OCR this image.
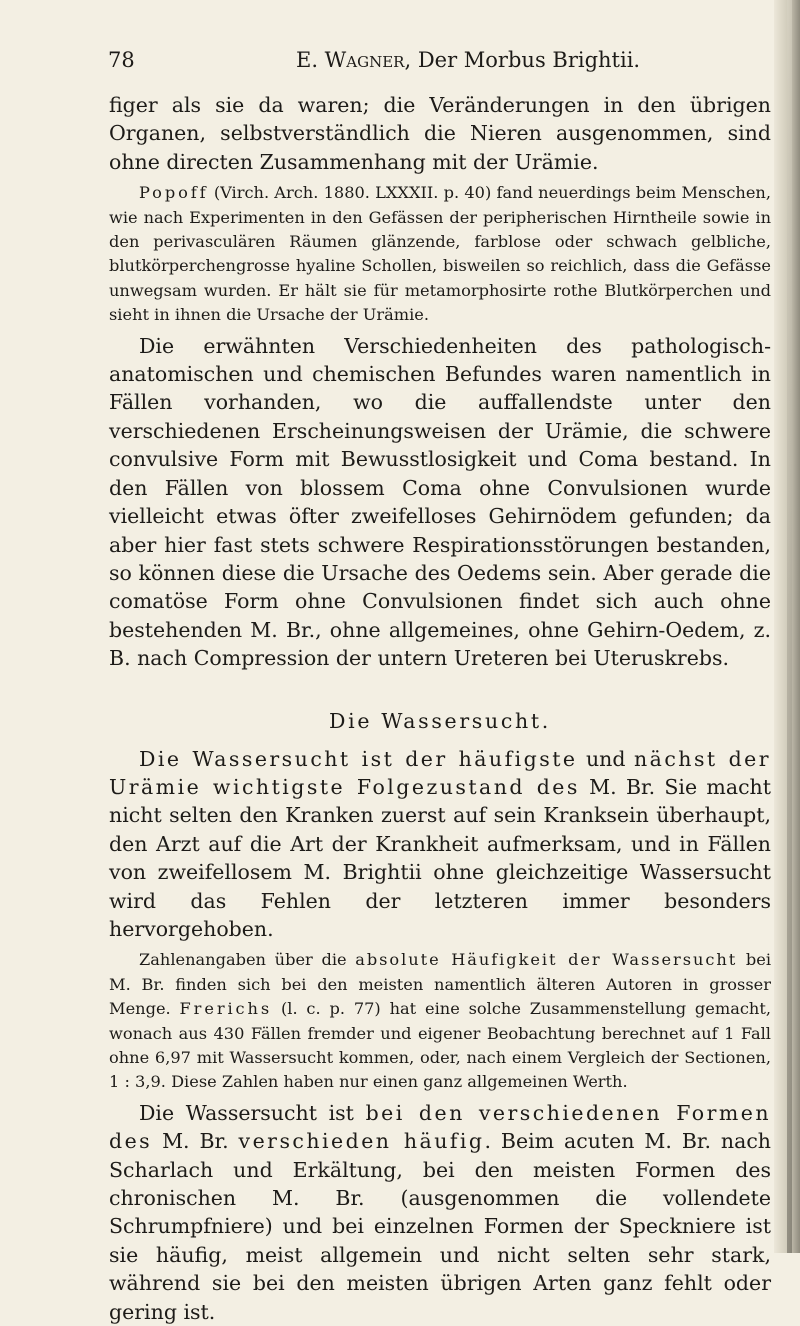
78	E. Wagner, Der Morbus Brightii.

figer als sie da waren; die Veränderungen in den übrigen Organen, selbstverständlich die Nieren ausgenommen, sind ohne directen Zusammenhang mit der Urämie.

Popoff (Virch. Arch. 1880. LXXXII. p. 40) fand neuerdings beim Menschen, wie nach Experimenten in den Gefässen der peripherischen Hirntheile sowie in den perivasculären Räumen glänzende, farblose oder schwach gelbliche, blutkörperchengrosse hyaline Schollen, bisweilen so reichlich, dass die Gefässe unwegsam wurden. Er hält sie für metamorphosirte rothe Blutkörperchen und sieht in ihnen die Ursache der Urämie.

Die erwähnten Verschiedenheiten des pathologisch-anatomischen und chemischen Befundes waren namentlich in Fällen vorhanden, wo die auffallendste unter den verschiedenen Erscheinungsweisen der Urämie, die schwere convulsive Form mit Bewusstlosigkeit und Coma bestand. In den Fällen von blossem Coma ohne Convulsionen wurde vielleicht etwas öfter zweifelloses Gehirnödem gefunden; da aber hier fast stets schwere Respirationsstörungen bestanden, so können diese die Ursache des Oedems sein. Aber gerade die comatöse Form ohne Convulsionen findet sich auch ohne bestehenden M. Br., ohne allgemeines, ohne Gehirn-Oedem, z. B. nach Compression der untern Ureteren bei Uteruskrebs.

Die Wassersucht.

Die Wassersucht ist der häufigste und nächst der Urämie wichtigste Folgezustand des M. Br. Sie macht nicht selten den Kranken zuerst auf sein Kranksein überhaupt, den Arzt auf die Art der Krankheit aufmerksam, und in Fällen von zweifellosem M. Brightii ohne gleichzeitige Wassersucht wird das Fehlen der letzteren immer besonders hervorgehoben.

Zahlenangaben über die absolute Häufigkeit der Wassersucht bei M. Br. finden sich bei den meisten namentlich älteren Autoren in grosser Menge. Frerichs (l. c. p. 77) hat eine solche Zusammenstellung gemacht, wonach aus 430 Fällen fremder und eigener Beobachtung berechnet auf 1 Fall ohne 6,97 mit Wassersucht kommen, oder, nach einem Vergleich der Sectionen, 1 : 3,9. Diese Zahlen haben nur einen ganz allgemeinen Werth.

Die Wassersucht ist bei den verschiedenen Formen des M. Br. verschieden häufig. Beim acuten M. Br. nach Scharlach und Erkältung, bei den meisten Formen des chronischen M. Br. (ausgenommen die vollendete Schrumpfniere) und bei einzelnen Formen der Speckniere ist sie häufig, meist allgemein und nicht selten sehr stark, während sie bei den meisten übrigen Arten ganz fehlt oder gering ist.
